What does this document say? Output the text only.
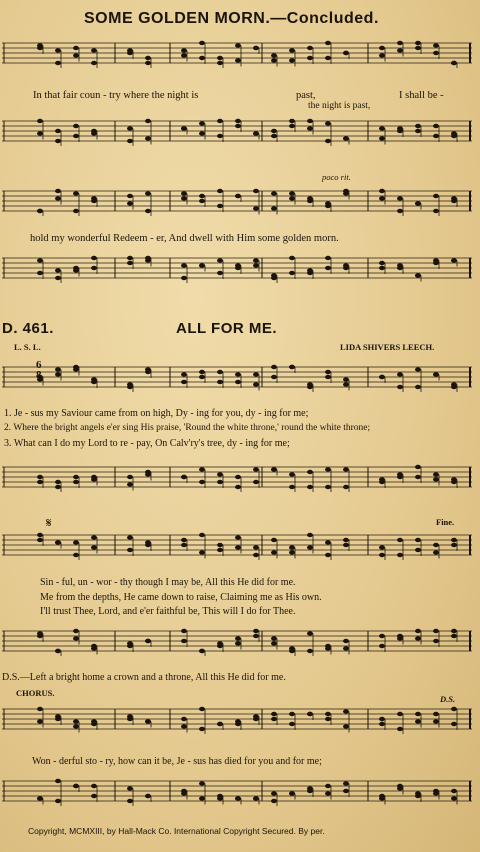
SOME GOLDEN MORN.—Concluded.
In that fair coun - try where the night is	past,	I shall be -
the night is past,
poco rit.
hold my wonderful Redeem - er, And dwell with Him some golden morn.
D. 461.	ALL FOR ME.
L. S. L.	LIDA SHIVERS LEECH.
6
8
1. Je - sus my Saviour came from on high, Dy - ing for you, dy - ing for me;
2. Where the bright angels e'er sing His praise, 'Round the white throne,' round the white throne;
3. What can I do my Lord to re - pay, On Calv'ry's tree, dy - ing for me;
𝄋	Fine.
Sin - ful, un - wor - thy though I may be, All this He did for me.
Me from the depths, He came down to raise, Claiming me as His own.
I'll trust Thee, Lord, and e'er faithful be, This will I do for Thee.
D.S.—Left a bright home a crown and a throne, All this He did for me.
CHORUS.
D.S.
Won - derful sto - ry, how can it be, Je - sus has died for you and for me;
Copyright, MCMXIII, by Hall-Mack Co. International Copyright Secured. By per.
